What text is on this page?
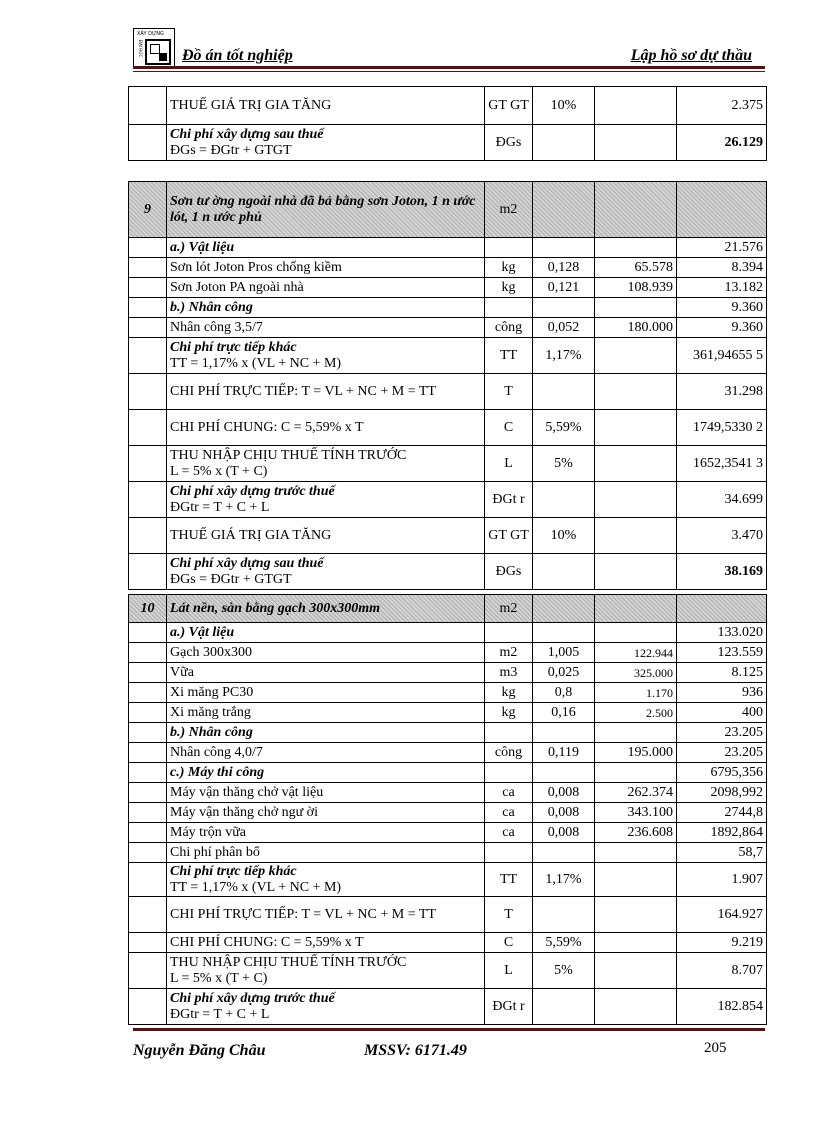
XÂY DỰNG
ĐẠI HỌC Đồ án tốt nghiệp	Lập hồ sơ dự thầu
	THUẾ GIÁ TRỊ GIA TĂNG	GT GT	10%		2.375
	Chi phí xây dựng sau thuế
ĐGs = ĐGtr + GTGT	ĐGs			26.129
9	Sơn tư ờng ngoài nhà đã bả bằng sơn Joton, 1 n ước lót, 1 n ước phủ	m2			
	a.) Vật liệu				21.576
	Sơn lót Joton Pros chống kiềm	kg	0,128	65.578	8.394
	Sơn Joton PA ngoài nhà	kg	0,121	108.939	13.182
	b.) Nhân công				9.360
	Nhân công 3,5/7	công	0,052	180.000	9.360
	Chi phí trực tiếp khác
TT = 1,17% x (VL + NC + M)	TT	1,17%		361,94655 5
	CHI PHÍ TRỰC TIẾP: T = VL + NC + M = TT	T			31.298
	CHI PHÍ CHUNG: C = 5,59% x T	C	5,59%		1749,5330 2
	THU NHẬP CHỊU THUẾ TÍNH TRƯỚC
L = 5% x (T + C)	L	5%		1652,3541 3
	Chi phí xây dựng trước thuế
ĐGtr = T + C + L	ĐGt r			34.699
	THUẾ GIÁ TRỊ GIA TĂNG	GT GT	10%		3.470
	Chi phí xây dựng sau thuế
ĐGs = ĐGtr + GTGT	ĐGs			38.169
10	Lát nền, sàn bằng gạch 300x300mm	m2			
	a.) Vật liệu				133.020
	Gạch 300x300	m2	1,005	122.944	123.559
	Vữa	m3	0,025	325.000	8.125
	Xi măng PC30	kg	0,8	1.170	936
	Xi măng trắng	kg	0,16	2.500	400
	b.) Nhân công				23.205
	Nhân công 4,0/7	công	0,119	195.000	23.205
	c.) Máy thi công				6795,356
	Máy vận thăng chở vật liệu	ca	0,008	262.374	2098,992
	Máy vận thăng chở ngư ời	ca	0,008	343.100	2744,8
	Máy trộn vữa	ca	0,008	236.608	1892,864
	Chi phí phân bổ				58,7
	Chi phí trực tiếp khác
TT = 1,17% x (VL + NC + M)	TT	1,17%		1.907
	CHI PHÍ TRỰC TIẾP: T = VL + NC + M = TT	T			164.927
	CHI PHÍ CHUNG: C = 5,59% x T	C	5,59%		9.219
	THU NHẬP CHỊU THUẾ TÍNH TRƯỚC
L = 5% x (T + C)	L	5%		8.707
	Chi phí xây dựng trước thuế
ĐGtr = T + C + L	ĐGt r			182.854
Nguyễn Đăng Châu	MSSV: 6171.49	205
